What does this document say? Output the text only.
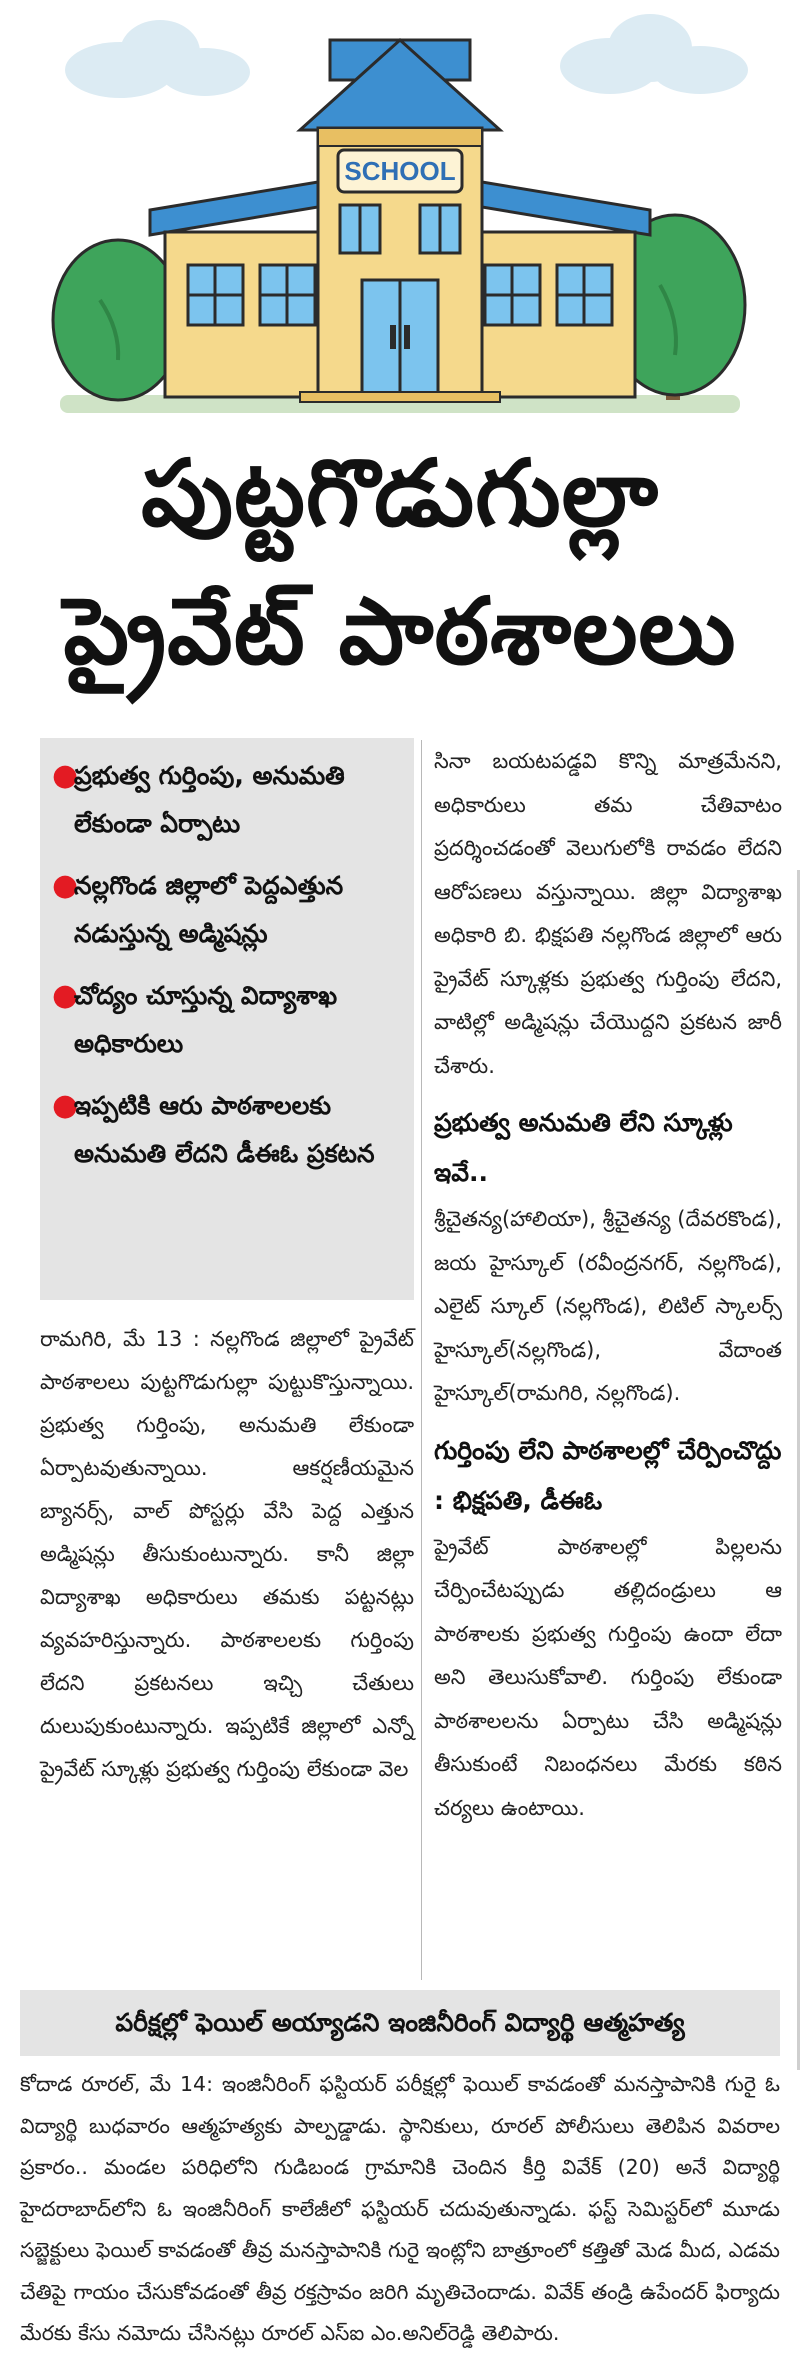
SCHOOL
పుట్టగొడుగుల్లా
ప్రైవేట్ పాఠశాలలు
●
ప్రభుత్వ గుర్తింపు, అనుమతి లేకుండా ఏర్పాటు
●
నల్లగొండ జిల్లాలో పెద్దఎత్తున నడుస్తున్న అడ్మిషన్లు
●
చోద్యం చూస్తున్న విద్యాశాఖ అధికారులు
●
ఇప్పటికి ఆరు పాఠశాలలకు అనుమతి లేదని డీఈఓ ప్రకటన

రామగిరి, మే 13 : నల్లగొండ జిల్లాలో ప్రైవేట్ పాఠశాలలు పుట్టగొడుగుల్లా పుట్టుకొస్తున్నాయి. ప్రభుత్వ గుర్తింపు, అనుమతి లేకుండా ఏర్పాటవుతున్నాయి. ఆకర్షణీయమైన బ్యానర్స్, వాల్ పోస్టర్లు వేసి పెద్ద ఎత్తున అడ్మిషన్లు తీసుకుంటున్నారు. కానీ జిల్లా విద్యాశాఖ అధికారులు తమకు పట్టనట్లు వ్యవహరిస్తున్నారు. పాఠశాలలకు గుర్తింపు లేదని ప్రకటనలు ఇచ్చి చేతులు దులుపుకుంటున్నారు. ఇప్పటికే జిల్లాలో ఎన్నో ప్రైవేట్ స్కూళ్లు ప్రభుత్వ గుర్తింపు లేకుండా వెల

సినా బయటపడ్డవి కొన్ని మాత్రమేనని, అధికారులు తమ చేతివాటం ప్రదర్శించడంతో వెలుగులోకి రావడం లేదని ఆరోపణలు వస్తున్నాయి. జిల్లా విద్యాశాఖ అధికారి బి. భిక్షపతి నల్లగొండ జిల్లాలో ఆరు ప్రైవేట్ స్కూళ్లకు ప్రభుత్వ గుర్తింపు లేదని, వాటిల్లో అడ్మిషన్లు చేయొద్దని ప్రకటన జారీ చేశారు.

ప్రభుత్వ అనుమతి లేని స్కూళ్లు ఇవే..

శ్రీచైతన్య(హాలియా), శ్రీచైతన్య (దేవరకొండ), జయ హైస్కూల్ (రవీంద్రనగర్, నల్లగొండ), ఎలైట్ స్కూల్ (నల్లగొండ), లిటిల్ స్కాలర్స్ హైస్కూల్(నల్లగొండ), వేదాంత హైస్కూల్(రామగిరి, నల్లగొండ).

గుర్తింపు లేని పాఠశాలల్లో చేర్పించొద్దు : భిక్షపతి, డీఈఓ

ప్రైవేట్ పాఠశాలల్లో పిల్లలను చేర్పించేటప్పుడు తల్లిదండ్రులు ఆ పాఠశాలకు ప్రభుత్వ గుర్తింపు ఉందా లేదా అని తెలుసుకోవాలి. గుర్తింపు లేకుండా పాఠశాలలను ఏర్పాటు చేసి అడ్మిషన్లు తీసుకుంటే నిబంధనలు మేరకు కఠిన చర్యలు ఉంటాయి.

పరీక్షల్లో ఫెయిల్ అయ్యాడని ఇంజినీరింగ్ విద్యార్థి ఆత్మహత్య

కోదాడ రూరల్, మే 14: ఇంజినీరింగ్ ఫస్టియర్ పరీక్షల్లో ఫెయిల్ కావడంతో మనస్తాపానికి గురై ఓ విద్యార్థి బుధవారం ఆత్మహత్యకు పాల్పడ్డాడు. స్థానికులు, రూరల్ పోలీసులు తెలిపిన వివరాల ప్రకారం.. మండల పరిధిలోని గుడిబండ గ్రామానికి చెందిన కీర్తి వివేక్ (20) అనే విద్యార్థి హైదరాబాద్‌లోని ఓ ఇంజినీరింగ్ కాలేజీలో ఫస్టియర్ చదువుతున్నాడు. ఫస్ట్ సెమిస్టర్‌లో మూడు సబ్జెక్టులు ఫెయిల్ కావడంతో తీవ్ర మనస్తాపానికి గురై ఇంట్లోని బాత్రూంలో కత్తితో మెడ మీద, ఎడమ చేతిపై గాయం చేసుకోవడంతో తీవ్ర రక్తస్రావం జరిగి మృతిచెందాడు. వివేక్ తండ్రి ఉపేందర్ ఫిర్యాదు మేరకు కేసు నమోదు చేసినట్లు రూరల్ ఎస్ఐ ఎం.అనిల్‌రెడ్డి తెలిపారు.
